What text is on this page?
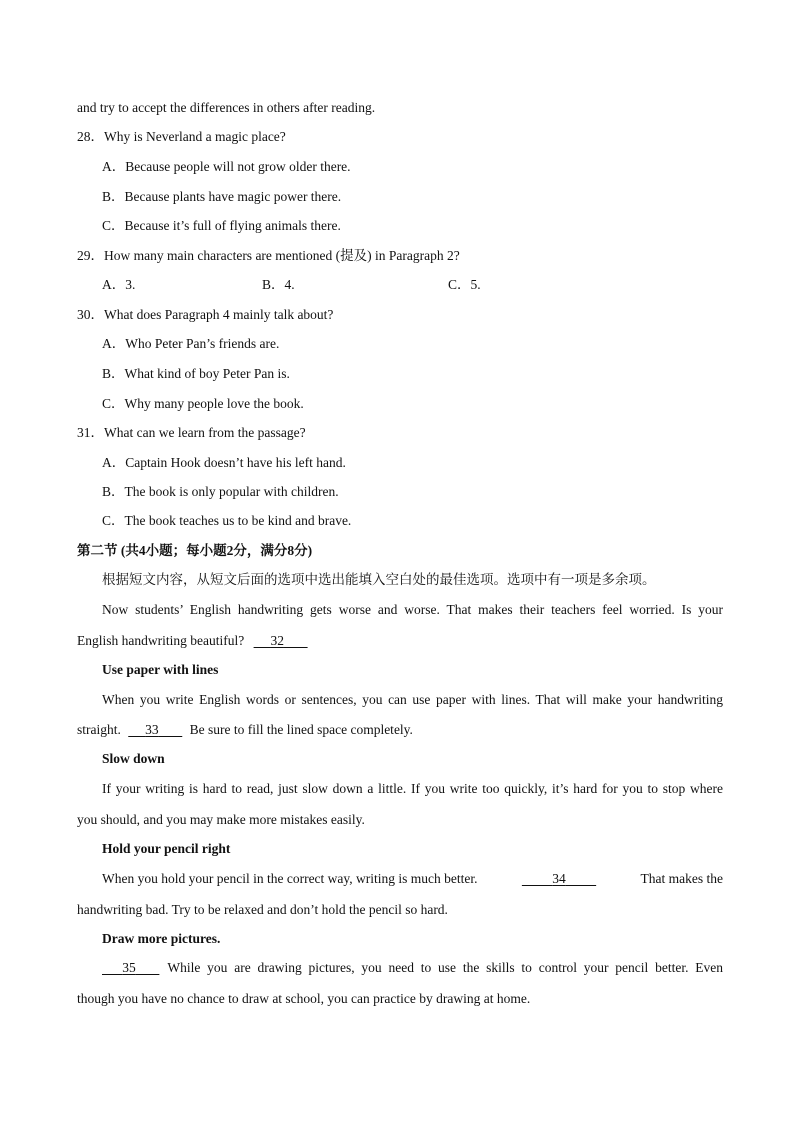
and try to accept the differences in others after reading.
28．Why is Neverland a magic place?
A．Because people will not grow older there.
B．Because plants have magic power there.
C．Because it’s full of flying animals there.
29．How many main characters are mentioned (提及) in Paragraph 2?
A．3.	B．4.	C．5.
30．What does Paragraph 4 mainly talk about?
A．Who Peter Pan’s friends are.
B．What kind of boy Peter Pan is.
C．Why many people love the book.
31．What can we learn from the passage?
A．Captain Hook doesn’t have his left hand.
B．The book is only popular with children.
C．The book teaches us to be kind and brave.
第二节 (共4小题；每小题2分，满分8分)
根据短文内容，从短文后面的选项中选出能填入空白处的最佳选项。选项中有一项是多余项。
Now students’ English handwriting gets worse and worse. That makes their teachers feel worried. Is your
English handwriting beautiful? 32
Use paper with lines
When you write English words or sentences, you can use paper with lines. That will make your handwriting
straight. 33 Be sure to fill the lined space completely.
Slow down
If your writing is hard to read, just slow down a little. If you write too quickly, it’s hard for you to stop where
you should, and you may make more mistakes easily.
Hold your pencil right
When you hold your pencil in the correct way, writing is much better.	34	That makes the
handwriting bad. Try to be relaxed and don’t hold the pencil so hard.
Draw more pictures.
35	While you are drawing pictures, you need to use the skills to control your pencil better. Even
though you have no chance to draw at school, you can practice by drawing at home.
